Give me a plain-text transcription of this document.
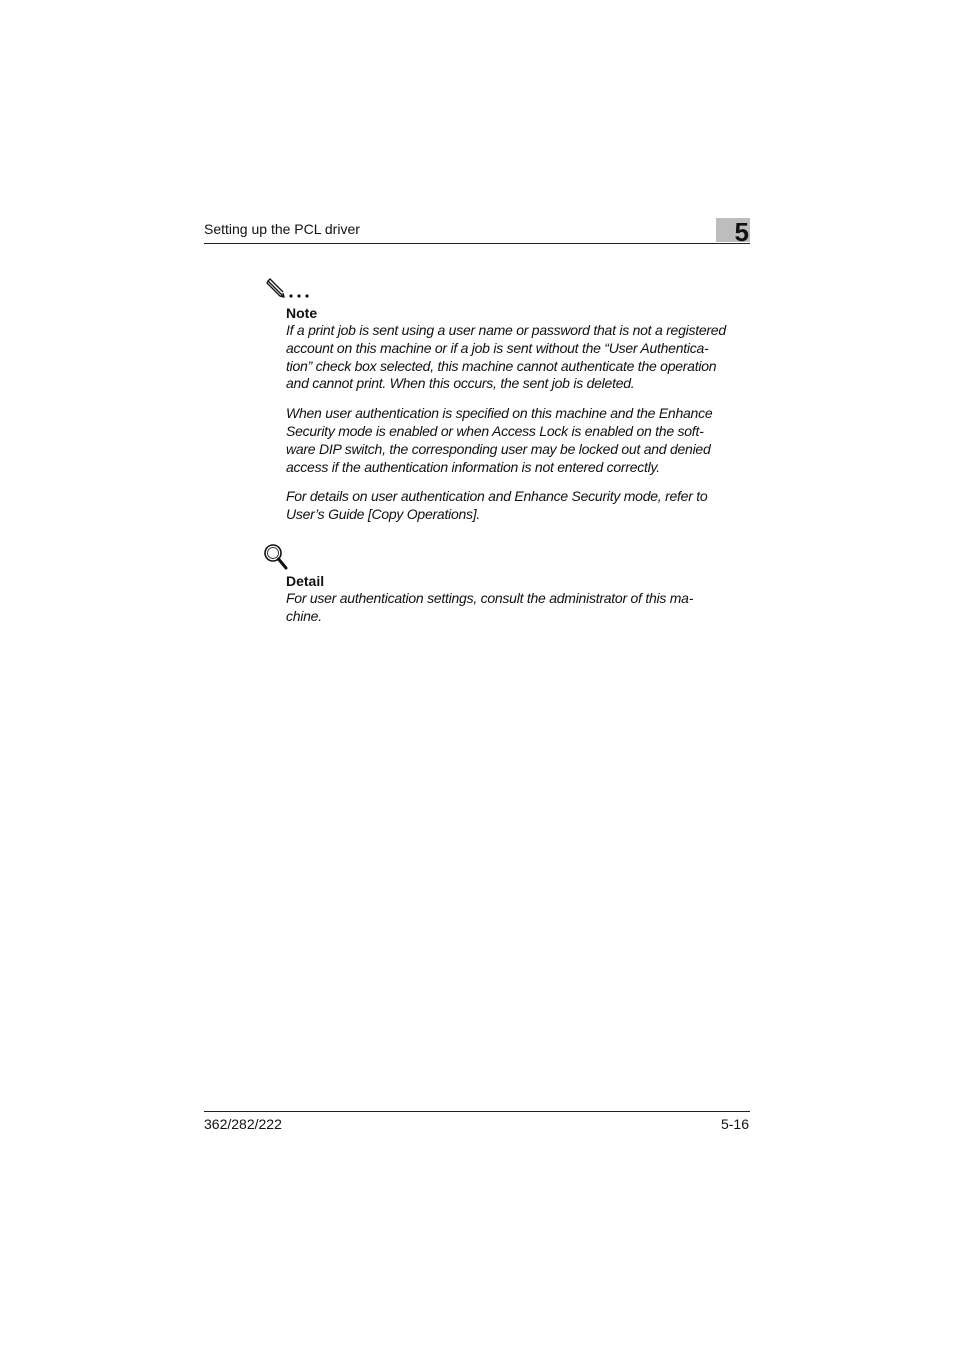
Setting up the PCL driver	5

Note

If a print job is sent using a user name or password that is not a registered
account on this machine or if a job is sent without the “User Authentica-
tion” check box selected, this machine cannot authenticate the operation
and cannot print. When this occurs, the sent job is deleted.

When user authentication is specified on this machine and the Enhance
Security mode is enabled or when Access Lock is enabled on the soft-
ware DIP switch, the corresponding user may be locked out and denied
access if the authentication information is not entered correctly.

For details on user authentication and Enhance Security mode, refer to
User’s Guide [Copy Operations].

Detail

For user authentication settings, consult the administrator of this ma-
chine.

362/282/222	5-16
